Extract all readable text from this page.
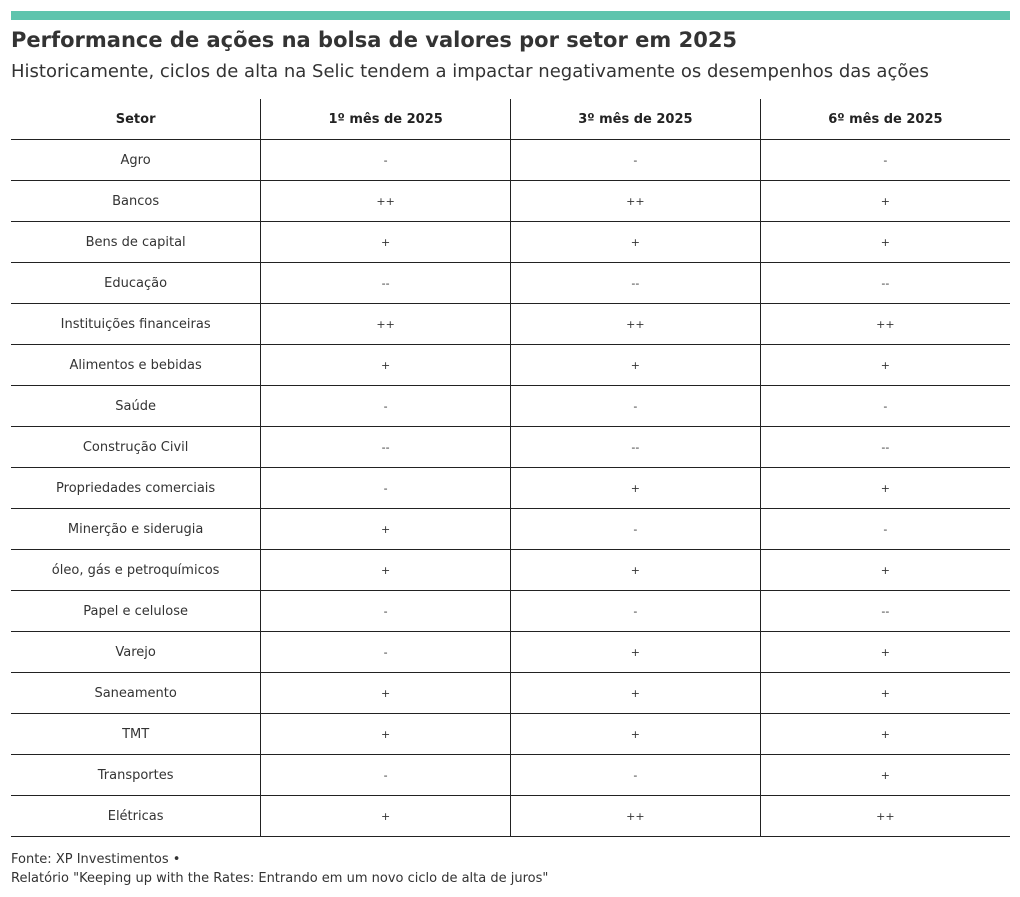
Performance de ações na bolsa de valores por setor em 2025
Historicamente, ciclos de alta na Selic tendem a impactar negativamente os desempenhos das ações
Setor	1º mês de 2025	3º mês de 2025	6º mês de 2025
Agro	-	-	-
Bancos	++	++	+
Bens de capital	+	+	+
Educação	--	--	--
Instituições financeiras	++	++	++
Alimentos e bebidas	+	+	+
Saúde	-	-	-
Construção Civil	--	--	--
Propriedades comerciais	-	+	+
Minerção e siderugia	+	-	-
óleo, gás e petroquímicos	+	+	+
Papel e celulose	-	-	--
Varejo	-	+	+
Saneamento	+	+	+
TMT	+	+	+
Transportes	-	-	+
Elétricas	+	++	++
Fonte: XP Investimentos •
Relatório "Keeping up with the Rates: Entrando em um novo ciclo de alta de juros"
